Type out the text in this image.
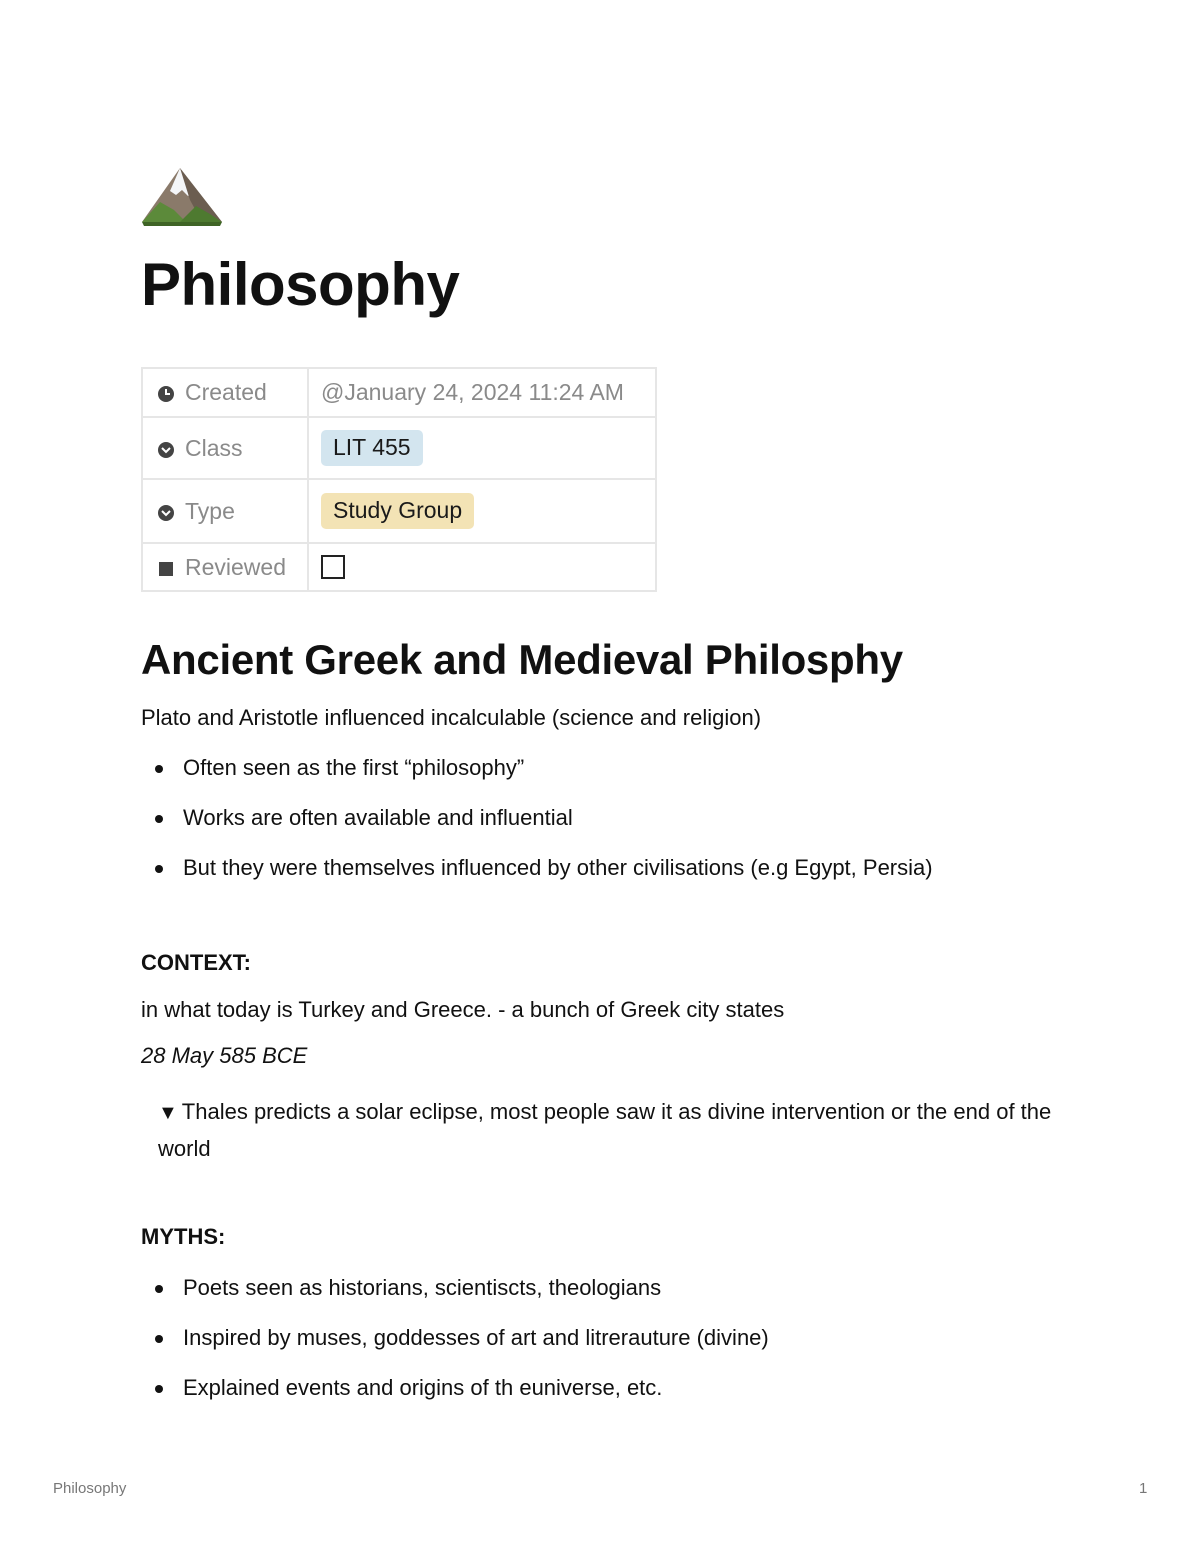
Philosophy
Created	@January 24, 2024 11:24 AM

Class	LIT 455

Type	Study Group

Reviewed	
Ancient Greek and Medieval Philosphy

Plato and Aristotle influenced incalculable (science and religion)

Often seen as the first “philosophy”
Works are often available and influential
But they were themselves influenced by other civilisations (e.g Egypt, Persia)

CONTEXT:

in what today is Turkey and Greece. - a bunch of Greek city states

28 May 585 BCE

▼ Thales predicts a solar eclipse, most people saw it as divine intervention or the end of the world

MYTHS:

Poets seen as historians, scientiscts, theologians
Inspired by muses, goddesses of art and litrerauture (divine)
Explained events and origins of th euniverse, etc.
Philosophy	1
